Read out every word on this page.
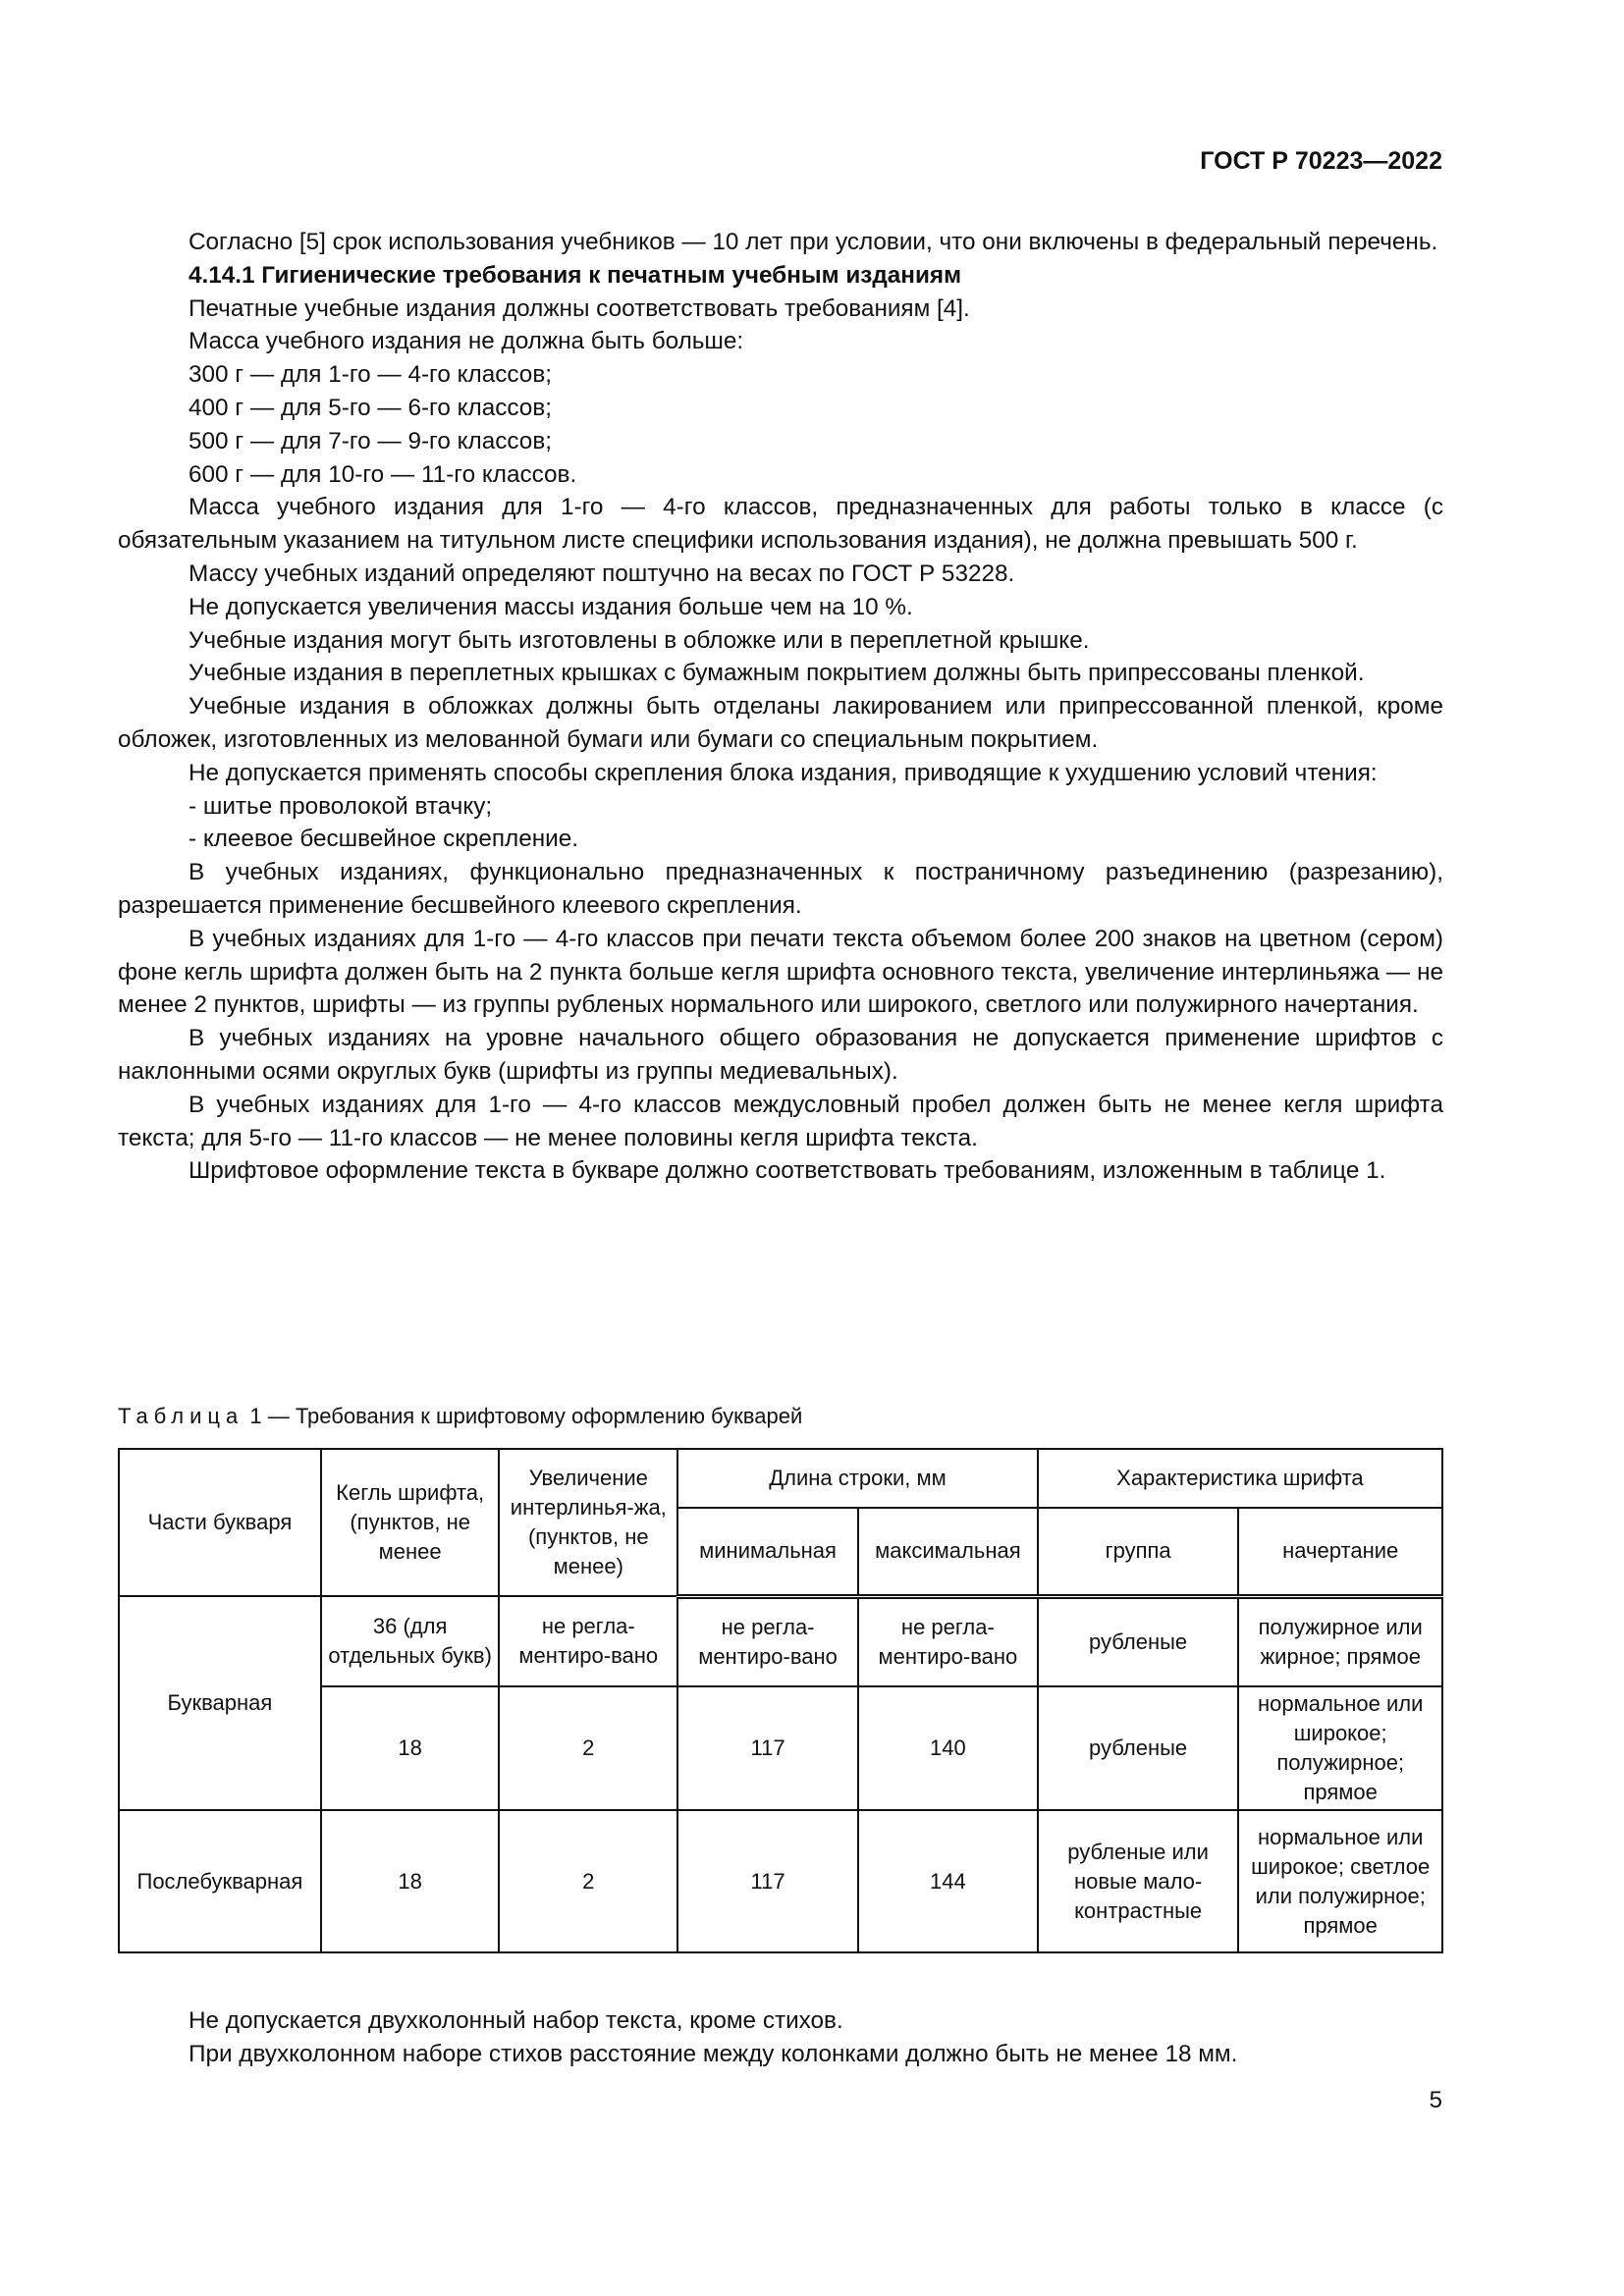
ГОСТ Р 70223—2022

Согласно [5] срок использования учебников — 10 лет при условии, что они включены в федеральный перечень.

4.14.1 Гигиенические требования к печатным учебным изданиям

Печатные учебные издания должны соответствовать требованиям [4].

Масса учебного издания не должна быть больше:

300 г — для 1-го — 4-го классов;

400 г — для 5-го — 6-го классов;

500 г — для 7-го — 9-го классов;

600 г — для 10-го — 11-го классов.

Масса учебного издания для 1-го — 4-го классов, предназначенных для работы только в классе (с обязательным указанием на титульном листе специфики использования издания), не должна превышать 500 г.

Массу учебных изданий определяют поштучно на весах по ГОСТ Р 53228.

Не допускается увеличения массы издания больше чем на 10 %.

Учебные издания могут быть изготовлены в обложке или в переплетной крышке.

Учебные издания в переплетных крышках с бумажным покрытием должны быть припрессованы пленкой.

Учебные издания в обложках должны быть отделаны лакированием или припрессованной пленкой, кроме обложек, изготовленных из мелованной бумаги или бумаги со специальным покрытием.

Не допускается применять способы скрепления блока издания, приводящие к ухудшению условий чтения:

- шитье проволокой втачку;

- клеевое бесшвейное скрепление.

В учебных изданиях, функционально предназначенных к постраничному разъединению (разрезанию), разрешается применение бесшвейного клеевого скрепления.

В учебных изданиях для 1-го — 4-го классов при печати текста объемом более 200 знаков на цветном (сером) фоне кегль шрифта должен быть на 2 пункта больше кегля шрифта основного текста, увеличение интерлиньяжа — не менее 2 пунктов, шрифты — из группы рубленых нормального или широкого, светлого или полужирного начертания.

В учебных изданиях на уровне начального общего образования не допускается применение шрифтов с наклонными осями округлых букв (шрифты из группы медиевальных).

В учебных изданиях для 1-го — 4-го классов междусловный пробел должен быть не менее кегля шрифта текста; для 5-го — 11-го классов — не менее половины кегля шрифта текста.

Шрифтовое оформление текста в букваре должно соответствовать требованиям, изложенным в таблице 1.

Таблица 1 — Требования к шрифтовому оформлению букварей
Части букваря	Кегль шрифта, (пунктов, не менее	Увеличение интерлинья-жа, (пунктов, не менее)	Длина строки, мм		Характеристика шрифта	
			минимальная	максимальная	группа	начертание
Букварная	36 (для отдельных букв)	не регла-ментиро-вано	не регла-ментиро-вано	не регла-ментиро-вано	рубленые	полужирное или жирное; прямое
	18	2	117	140	рубленые	нормальное или широкое; полужирное; прямое
Послебукварная	18	2	117	144	рубленые или новые мало-контрастные	нормальное или широкое; светлое или полужирное; прямое

Не допускается двухколонный набор текста, кроме стихов.

При двухколонном наборе стихов расстояние между колонками должно быть не менее 18 мм.

5
